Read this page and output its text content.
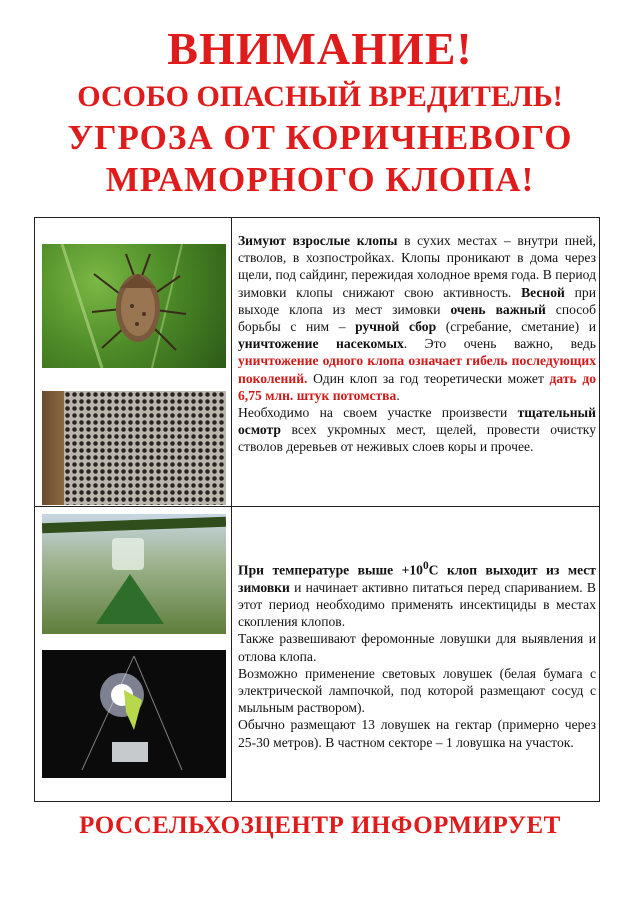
ВНИМАНИЕ!
ОСОБО ОПАСНЫЙ ВРЕДИТЕЛЬ!
УГРОЗА ОТ КОРИЧНЕВОГО
МРАМОРНОГО КЛОПА!

Зимуют взрослые клопы в сухих местах – внутри пней, стволов, в хозпостройках. Клопы проникают в дома через щели, под сайдинг, пережидая холодное время года. В период зимовки клопы снижают свою активность. Весной при выходе клопа из мест зимовки очень важный способ борьбы с ним – ручной сбор (сгребание, сметание) и уничтожение насекомых. Это очень важно, ведь уничтожение одного клопа означает гибель последующих поколений. Один клоп за год теоретически может дать до 6,75 млн. штук потомства.

Необходимо на своем участке произвести тщательный осмотр всех укромных мест, щелей, провести очистку стволов деревьев от неживых слоев коры и прочее.

При температуре выше $+10^0С$ клоп выходит из мест зимовки и начинает активно питаться перед спариванием. В этот период необходимо применять инсектициды в местах скопления клопов.

Также развешивают феромонные ловушки для выявления и отлова клопа.

Возможно применение световых ловушек (белая бумага с электрической лампочкой, под которой размещают сосуд с мыльным раствором).

Обычно размещают 13 ловушек на гектар (примерно через 25-30 метров). В частном секторе – 1 ловушка на участок.

РОССЕЛЬХОЗЦЕНТР ИНФОРМИРУЕТ
